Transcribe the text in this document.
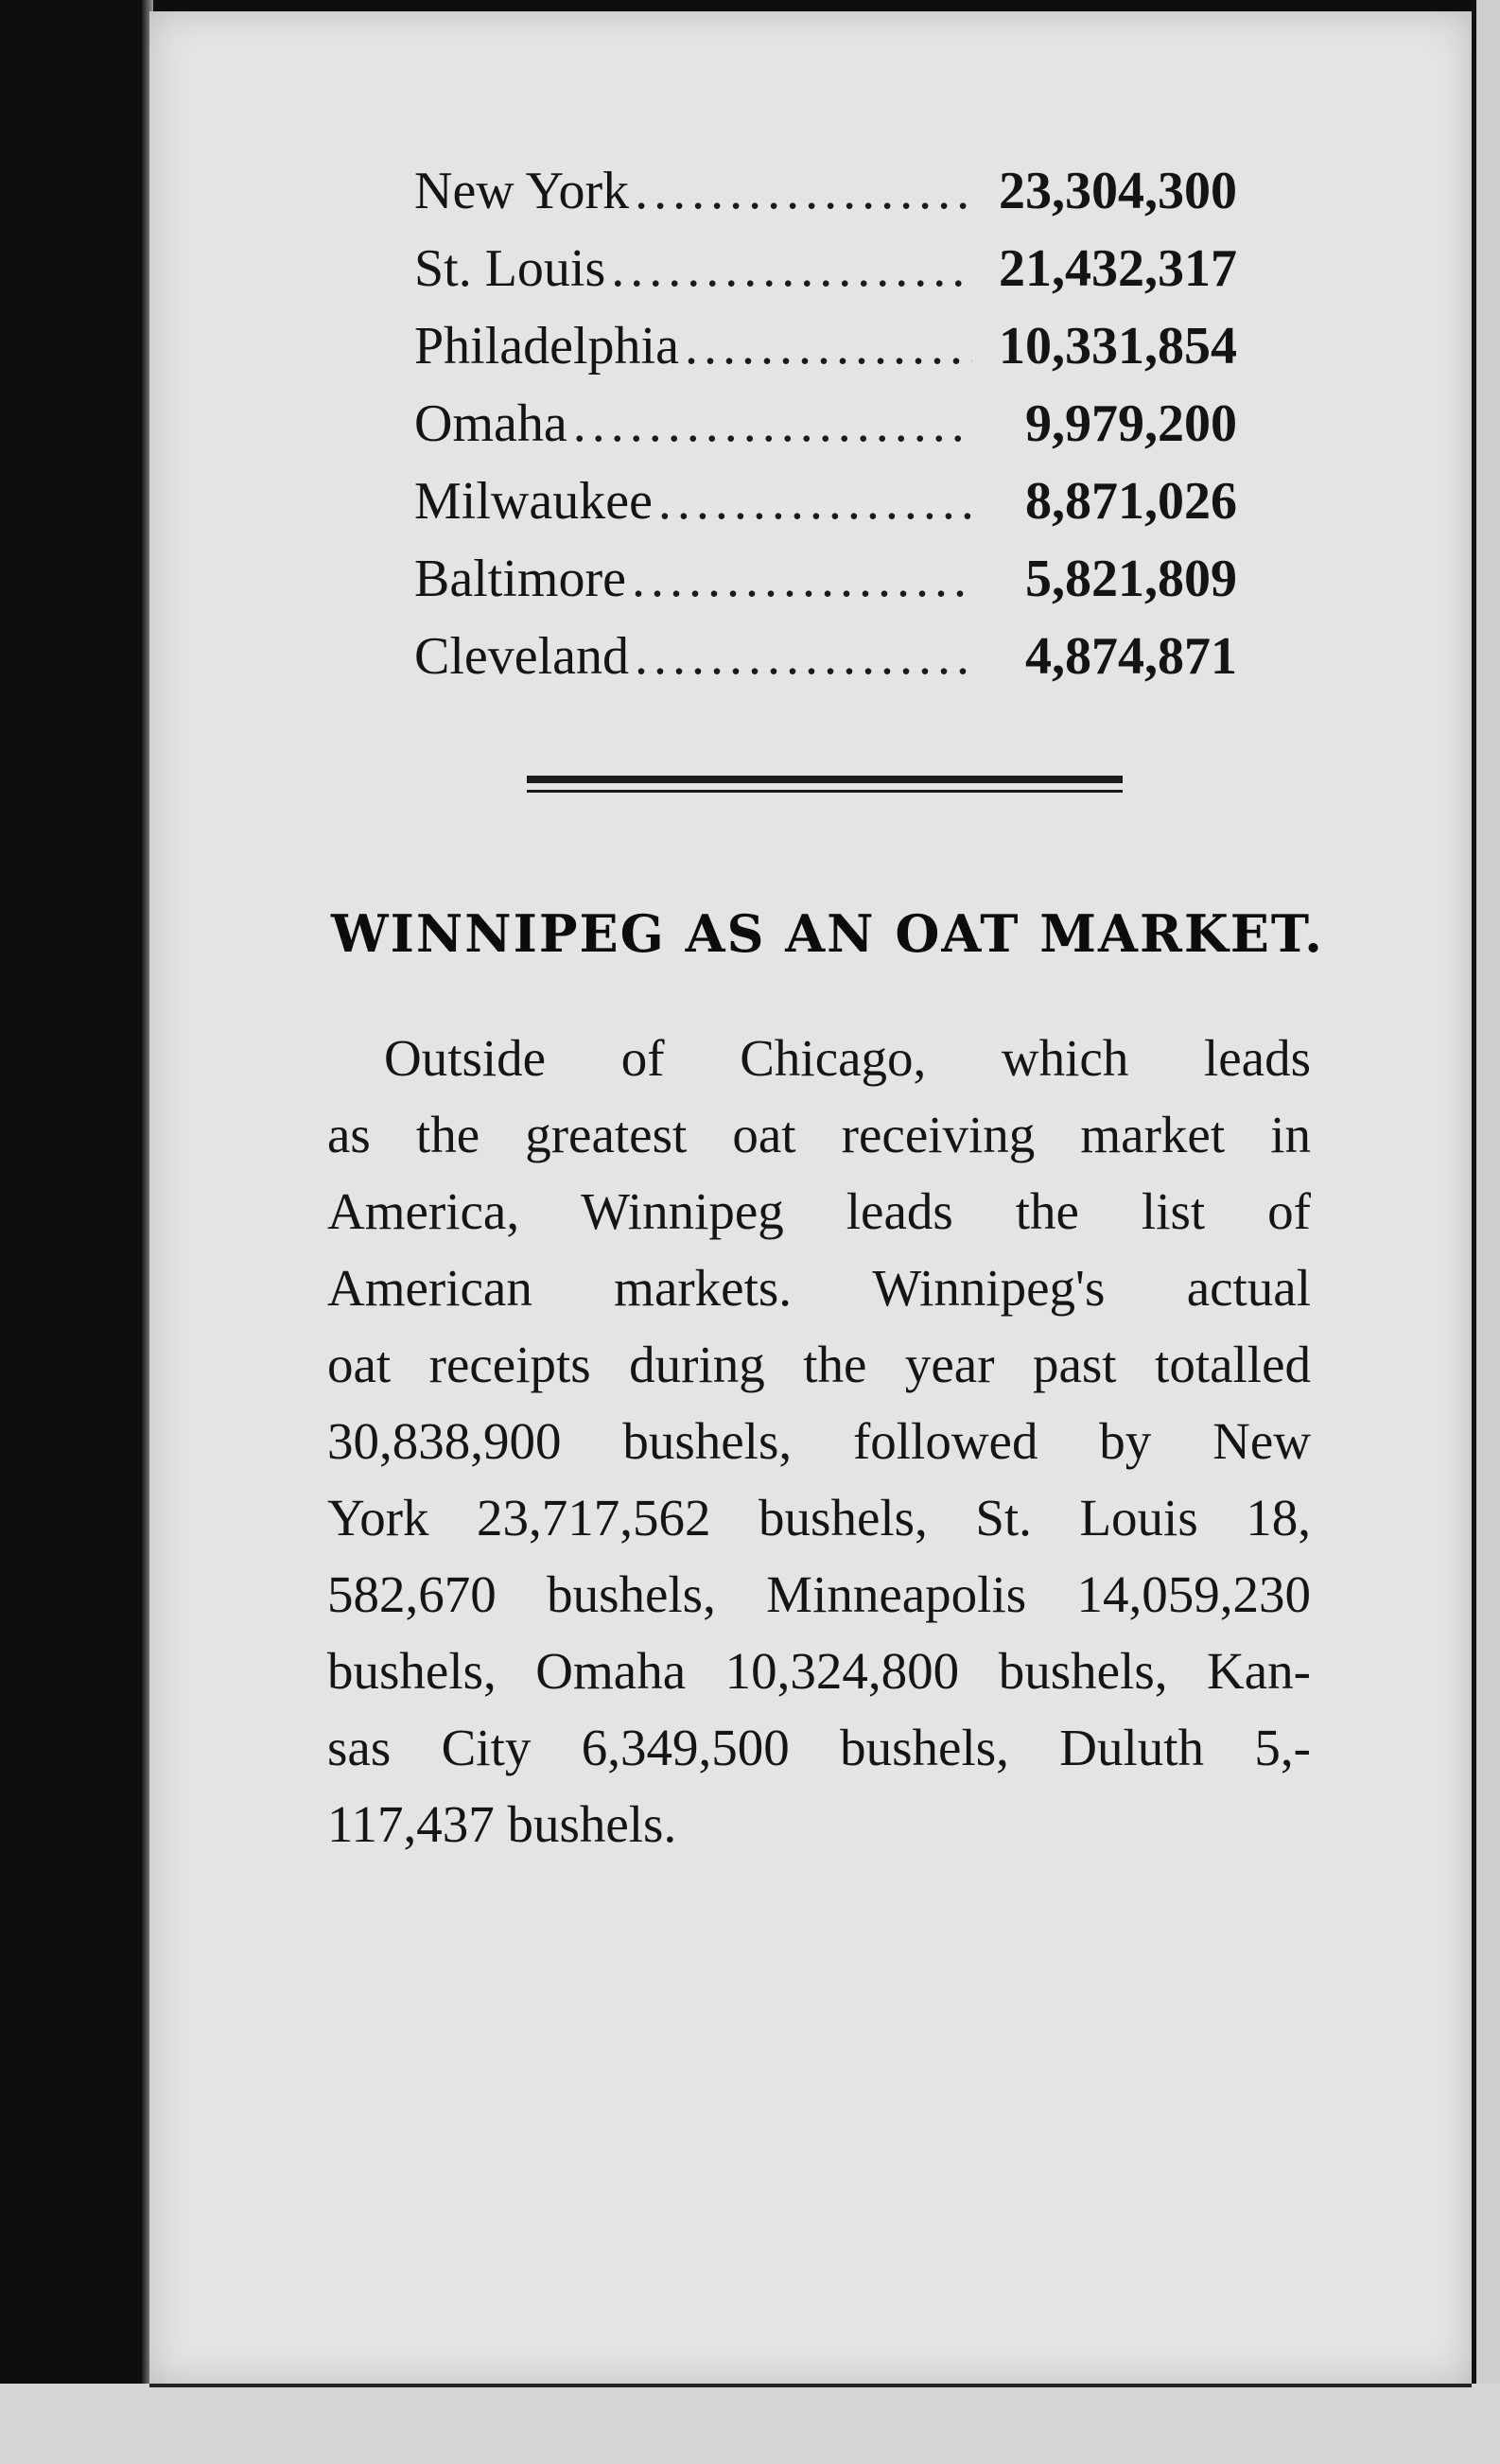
New York .....	23,304,300
St. Louis .....	21,432,317
Philadelphia .....	10,331,854
Omaha .....	9,979,200
Milwaukee .....	8,871,026
Baltimore .....	5,821,809
Cleveland .....	4,874,871
WINNIPEG AS AN OAT MARKET.
Outside of Chicago, which leads
as the greatest oat receiving market in
America, Winnipeg leads the list of
American markets. Winnipeg's actual
oat receipts during the year past totalled
30,838,900 bushels, followed by New
York 23,717,562 bushels, St. Louis 18,
582,670 bushels, Minneapolis 14,059,230
bushels, Omaha 10,324,800 bushels, Kan-
sas City 6,349,500 bushels, Duluth 5,-
117,437 bushels.
